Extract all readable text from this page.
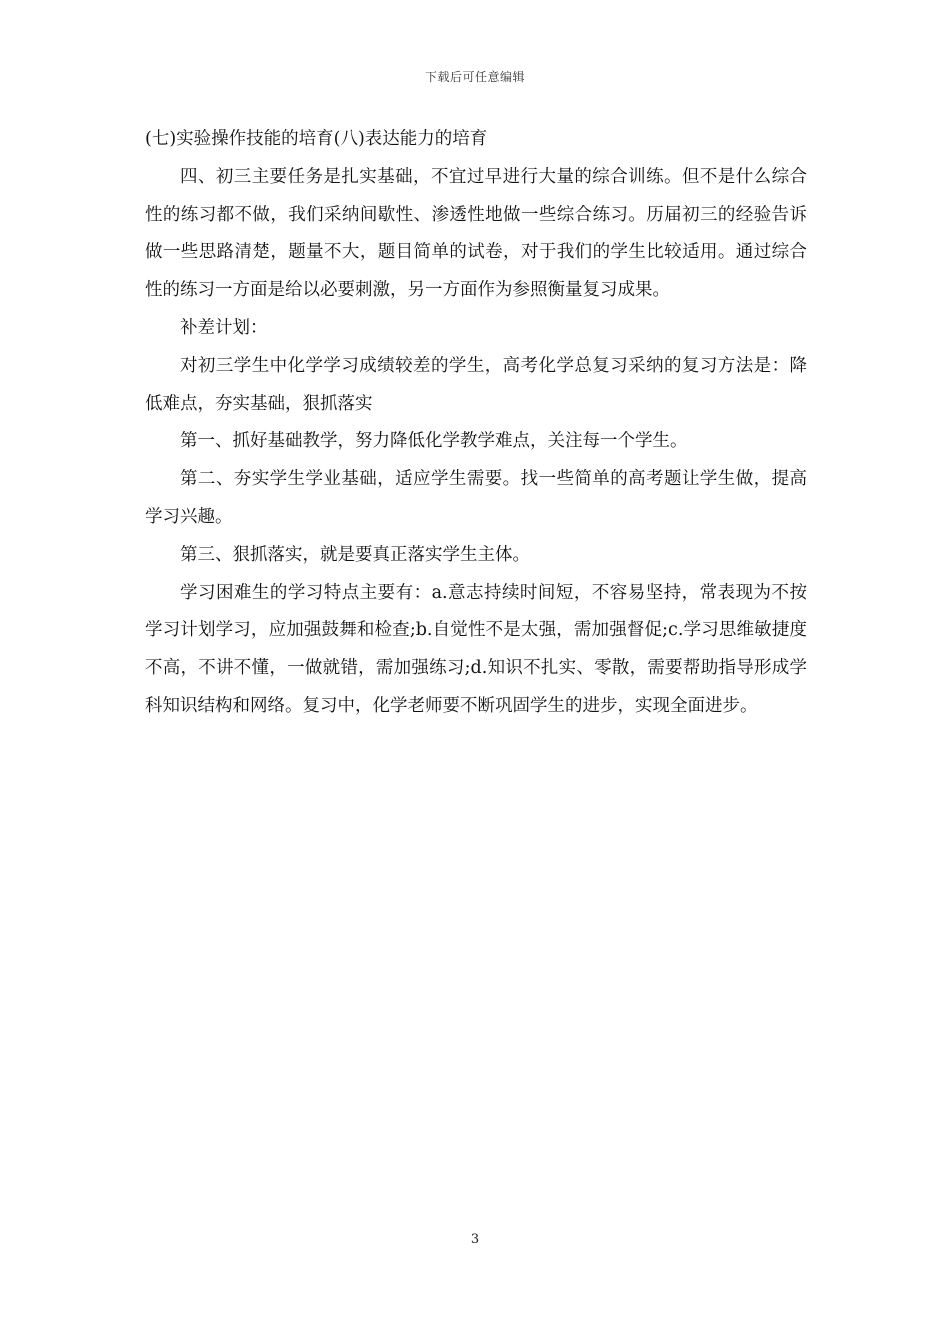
下载后可任意编辑

(七)实验操作技能的培育(八)表达能力的培育

四、初三主要任务是扎实基础，不宜过早进行大量的综合训练。但不是什么综合性的练习都不做，我们采纳间歇性、渗透性地做一些综合练习。历届初三的经验告诉做一些思路清楚，题量不大，题目简单的试卷，对于我们的学生比较适用。通过综合性的练习一方面是给以必要刺激，另一方面作为参照衡量复习成果。

补差计划：

对初三学生中化学学习成绩较差的学生，高考化学总复习采纳的复习方法是：降低难点，夯实基础，狠抓落实

第一、抓好基础教学，努力降低化学教学难点，关注每一个学生。

第二、夯实学生学业基础，适应学生需要。找一些简单的高考题让学生做，提高学习兴趣。

第三、狠抓落实，就是要真正落实学生主体。

学习困难生的学习特点主要有：a.意志持续时间短，不容易坚持，常表现为不按学习计划学习，应加强鼓舞和检查;b.自觉性不是太强，需加强督促;c.学习思维敏捷度不高，不讲不懂，一做就错，需加强练习;d.知识不扎实、零散，需要帮助指导形成学科知识结构和网络。复习中，化学老师要不断巩固学生的进步，实现全面进步。

3
